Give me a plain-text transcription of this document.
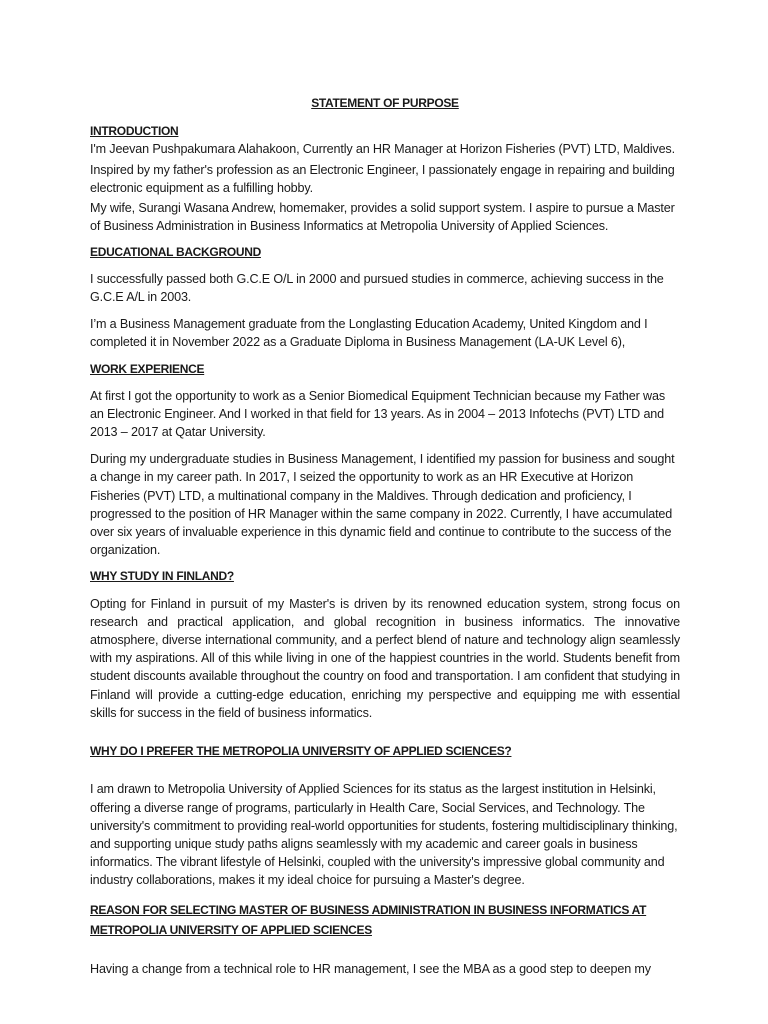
STATEMENT OF PURPOSE

INTRODUCTION

I'm Jeevan Pushpakumara Alahakoon, Currently an HR Manager at Horizon Fisheries (PVT) LTD, Maldives.

Inspired by my father's profession as an Electronic Engineer, I passionately engage in repairing and building electronic equipment as a fulfilling hobby.

My wife, Surangi Wasana Andrew, homemaker, provides a solid support system. I aspire to pursue a Master of Business Administration in Business Informatics at Metropolia University of Applied Sciences.

EDUCATIONAL BACKGROUND

I successfully passed both G.C.E O/L in 2000 and pursued studies in commerce, achieving success in the G.C.E A/L in 2003.

I’m a Business Management graduate from the Longlasting Education Academy, United Kingdom and I completed it in November 2022 as a Graduate Diploma in Business Management (LA-UK Level 6),

WORK EXPERIENCE

At first I got the opportunity to work as a Senior Biomedical Equipment Technician because my Father was an Electronic Engineer. And I worked in that field for 13 years. As in 2004 – 2013 Infotechs (PVT) LTD and 2013 – 2017 at Qatar University.

During my undergraduate studies in Business Management, I identified my passion for business and sought a change in my career path. In 2017, I seized the opportunity to work as an HR Executive at Horizon Fisheries (PVT) LTD, a multinational company in the Maldives. Through dedication and proficiency, I progressed to the position of HR Manager within the same company in 2022. Currently, I have accumulated over six years of invaluable experience in this dynamic field and continue to contribute to the success of the organization.

WHY STUDY IN FINLAND?

Opting for Finland in pursuit of my Master's is driven by its renowned education system, strong focus on research and practical application, and global recognition in business informatics. The innovative atmosphere, diverse international community, and a perfect blend of nature and technology align seamlessly with my aspirations. All of this while living in one of the happiest countries in the world. Students benefit from student discounts available throughout the country on food and transportation. I am confident that studying in Finland will provide a cutting-edge education, enriching my perspective and equipping me with essential skills for success in the field of business informatics.

WHY DO I PREFER THE METROPOLIA UNIVERSITY OF APPLIED SCIENCES?

I am drawn to Metropolia University of Applied Sciences for its status as the largest institution in Helsinki, offering a diverse range of programs, particularly in Health Care, Social Services, and Technology. The university's commitment to providing real-world opportunities for students, fostering multidisciplinary thinking, and supporting unique study paths aligns seamlessly with my academic and career goals in business informatics. The vibrant lifestyle of Helsinki, coupled with the university's impressive global community and industry collaborations, makes it my ideal choice for pursuing a Master's degree.

REASON FOR SELECTING MASTER OF BUSINESS ADMINISTRATION IN BUSINESS INFORMATICS AT METROPOLIA UNIVERSITY OF APPLIED SCIENCES

Having a change from a technical role to HR management, I see the MBA as a good step to deepen my
